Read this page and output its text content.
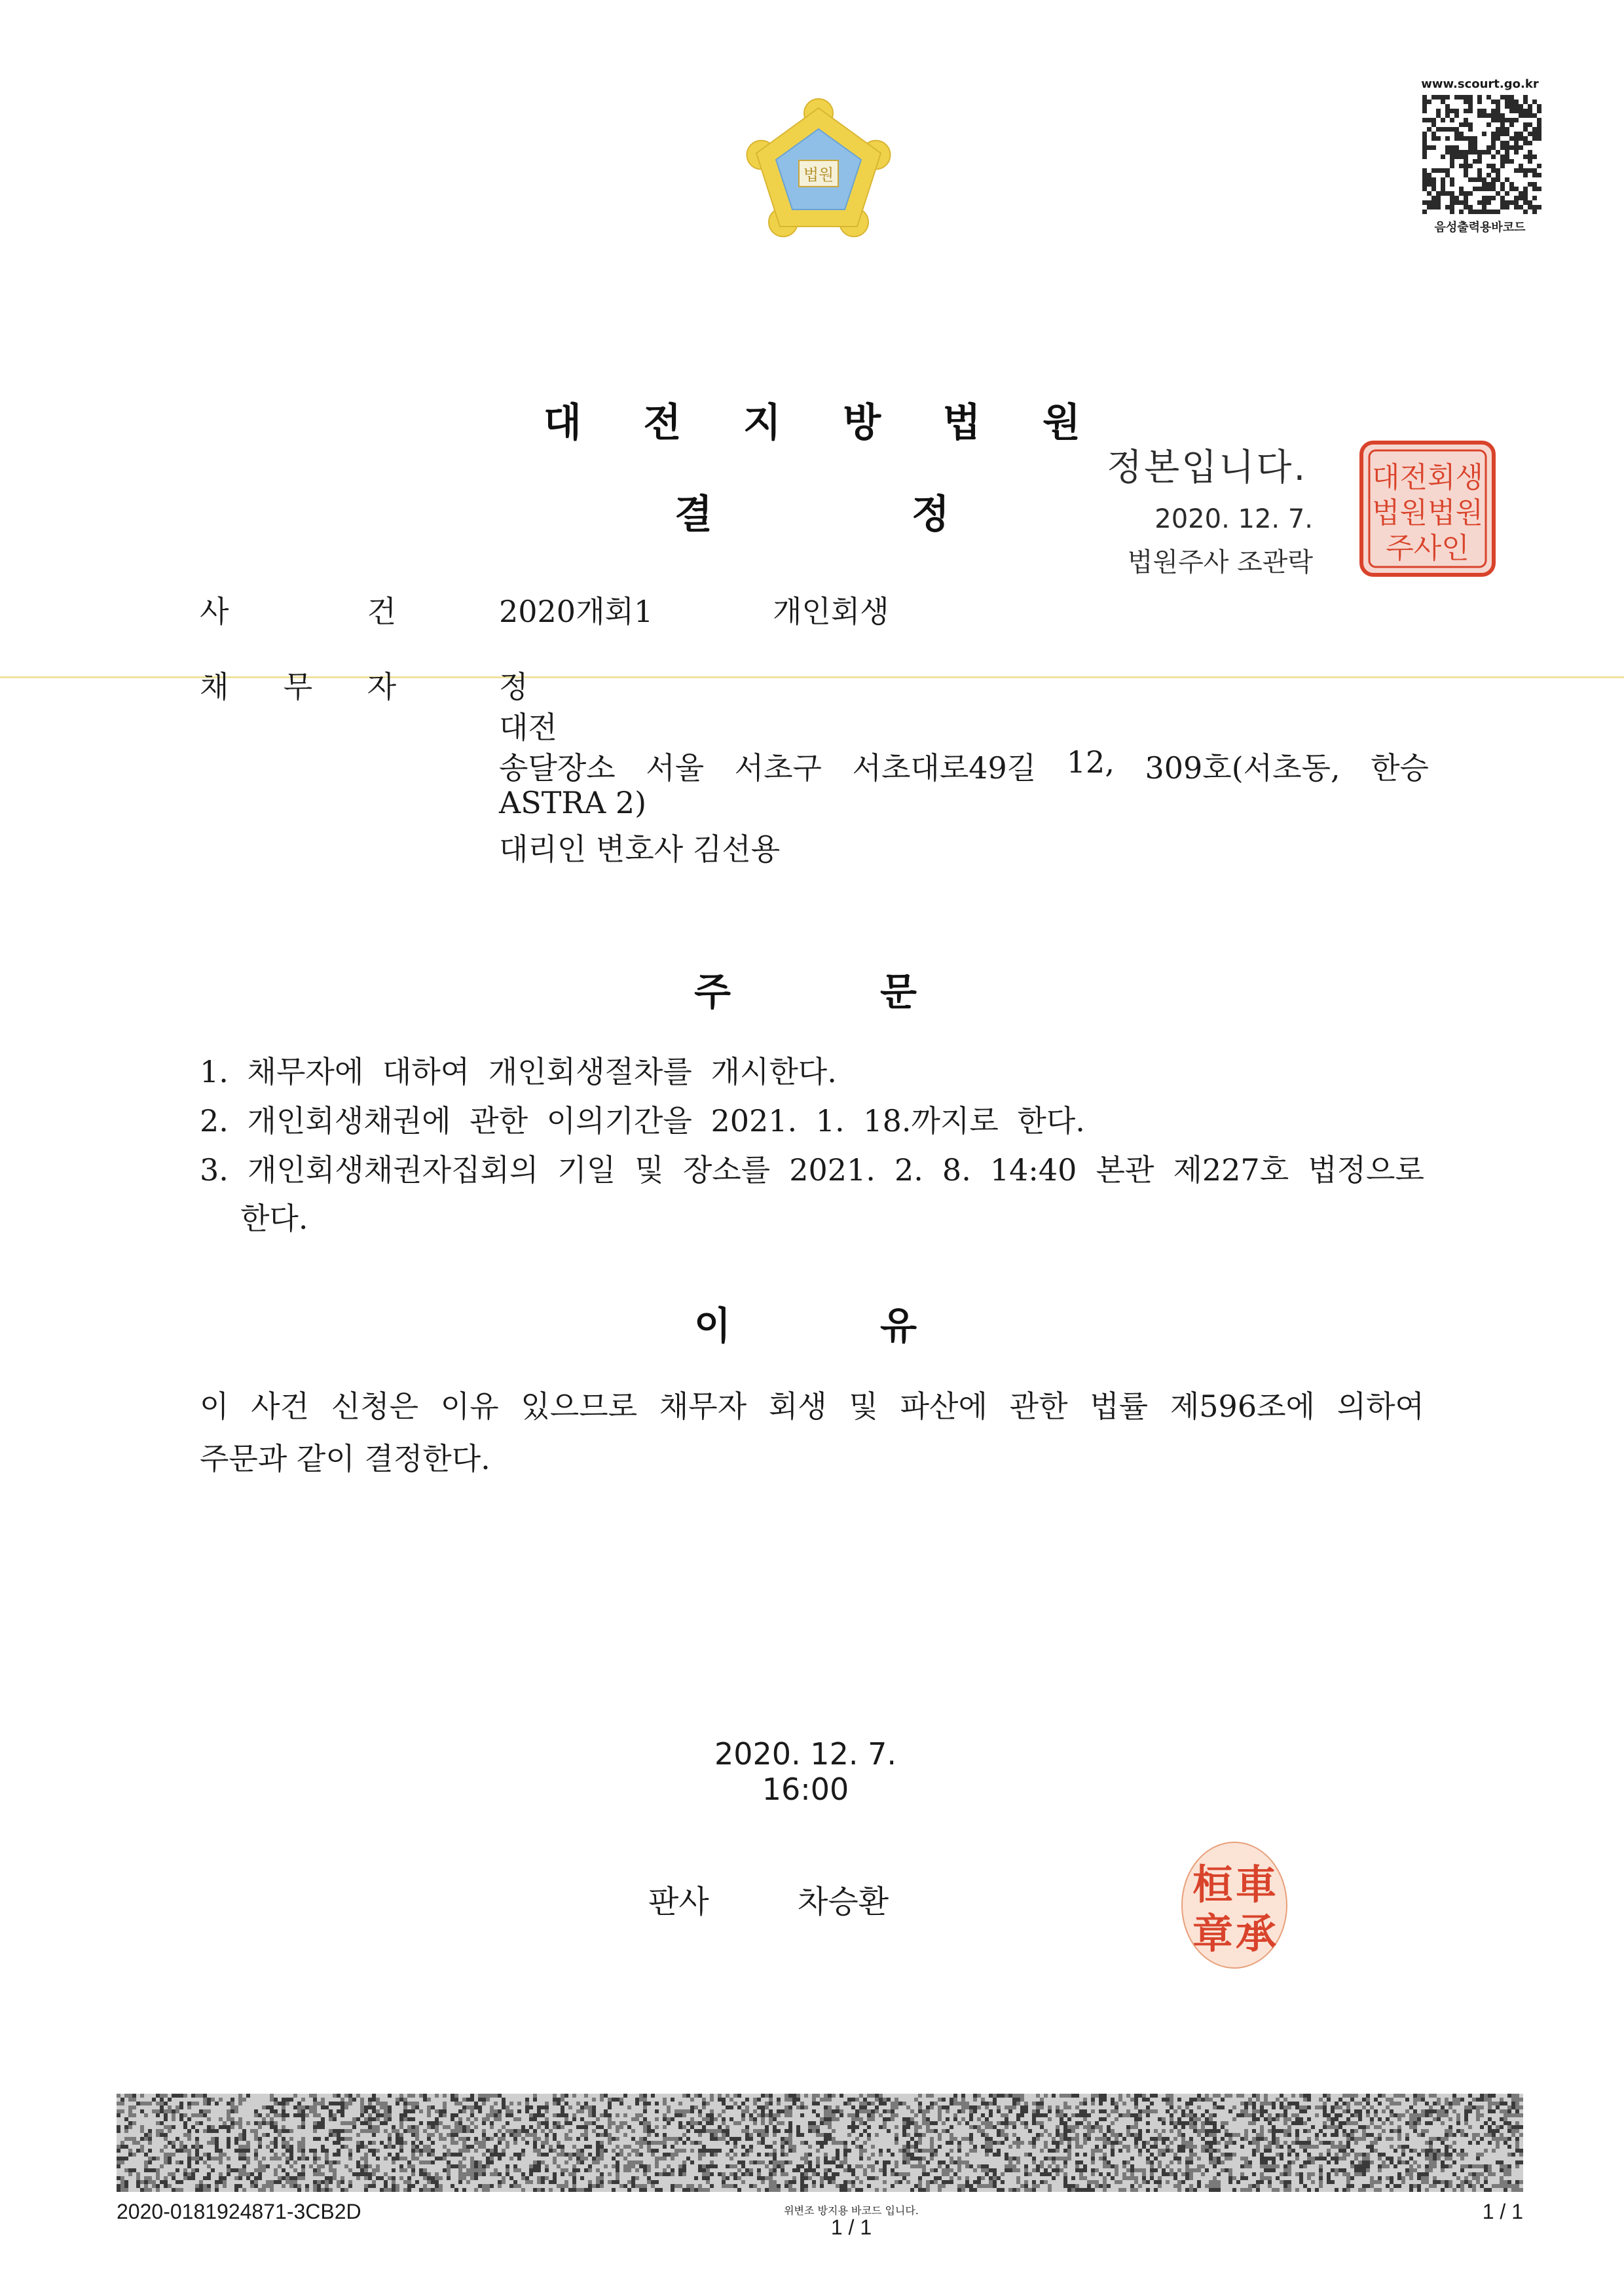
법원
www.scourt.go.kr
음성출력용바코드
대 전 지 방 법 원
결	정
정본입니다.
2020. 12. 7.
법원주사 조관락
대전회생
법원법원
주사인
사	건	2020개회1	개인회생
채 무 자	정
대전
송달장소 서울 서초구 서초대로49길 12, 309호(서초동, 한승
ASTRA 2)
대리인 변호사 김선용
주	문
1. 채무자에 대하여 개인회생절차를 개시한다.
2. 개인회생채권에 관한 이의기간을 2021. 1. 18.까지로 한다.
3. 개인회생채권자집회의 기일 및 장소를 2021. 2. 8. 14:40 본관 제227호 법정으로
한다.
이	유
이 사건 신청은 이유 있으므로 채무자 회생 및 파산에 관한 법률 제596조에 의하여
주문과 같이 결정한다.
2020. 12. 7. 16:00
판사	차승환	車
承
桓
章
2020-0181924871-3CB2D	위변조 방지용 바코드 입니다.
1 / 1
1 / 1
